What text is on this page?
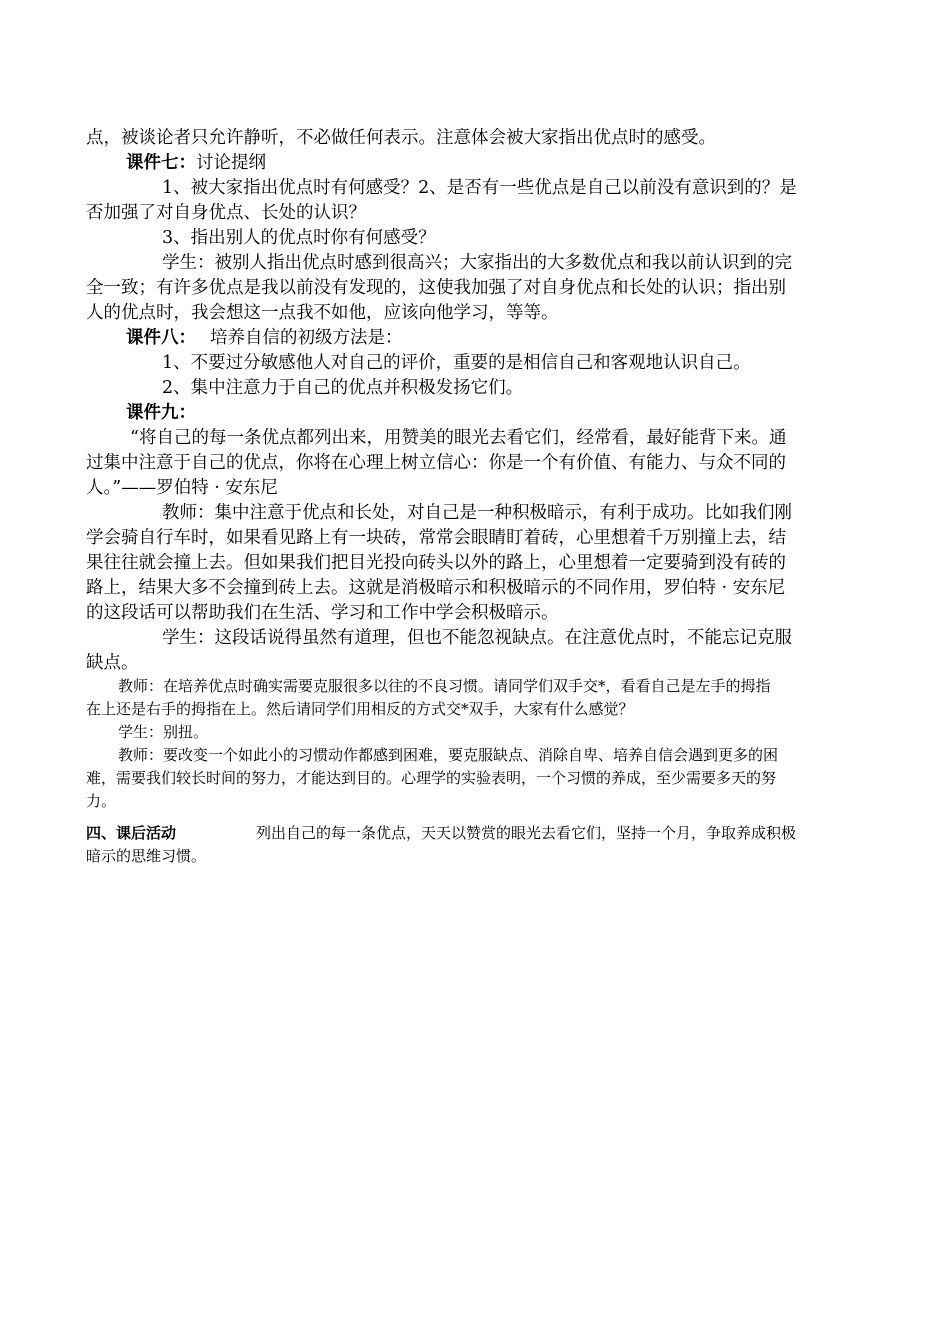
点，被谈论者只允许静听，不必做任何表示。注意体会被大家指出优点时的感受。
课件七：讨论提纲
1、被大家指出优点时有何感受？2、是否有一些优点是自己以前没有意识到的？是
否加强了对自身优点、长处的认识？
3、指出别人的优点时你有何感受？
学生：被别人指出优点时感到很高兴；大家指出的大多数优点和我以前认识到的完
全一致；有许多优点是我以前没有发现的，这使我加强了对自身优点和长处的认识；指出别
人的优点时，我会想这一点我不如他，应该向他学习，等等。
课件八： 培养自信的初级方法是：
1、不要过分敏感他人对自己的评价，重要的是相信自己和客观地认识自己。
2、集中注意力于自己的优点并积极发扬它们。
课件九：
“将自己的每一条优点都列出来，用赞美的眼光去看它们，经常看，最好能背下来。通
过集中注意于自己的优点，你将在心理上树立信心：你是一个有价值、有能力、与众不同的
人。”——罗伯特 · 安东尼
教师：集中注意于优点和长处，对自己是一种积极暗示，有利于成功。比如我们刚
学会骑自行车时，如果看见路上有一块砖，常常会眼睛盯着砖，心里想着千万别撞上去，结
果往往就会撞上去。但如果我们把目光投向砖头以外的路上，心里想着一定要骑到没有砖的
路上，结果大多不会撞到砖上去。这就是消极暗示和积极暗示的不同作用，罗伯特 · 安东尼
的这段话可以帮助我们在生活、学习和工作中学会积极暗示。
学生：这段话说得虽然有道理，但也不能忽视缺点。在注意优点时，不能忘记克服
缺点。
教师：在培养优点时确实需要克服很多以往的不良习惯。请同学们双手交*，看看自己是左手的拇指
在上还是右手的拇指在上。然后请同学们用相反的方式交*双手，大家有什么感觉？
学生：别扭。
教师：要改变一个如此小的习惯动作都感到困难，要克服缺点、消除自卑、培养自信会遇到更多的困
难，需要我们较长时间的努力，才能达到目的。心理学的实验表明，一个习惯的养成，至少需要多天的努
力。
四、课后活动	列出自己的每一条优点，天天以赞赏的眼光去看它们，坚持一个月，争取养成积极
暗示的思维习惯。
